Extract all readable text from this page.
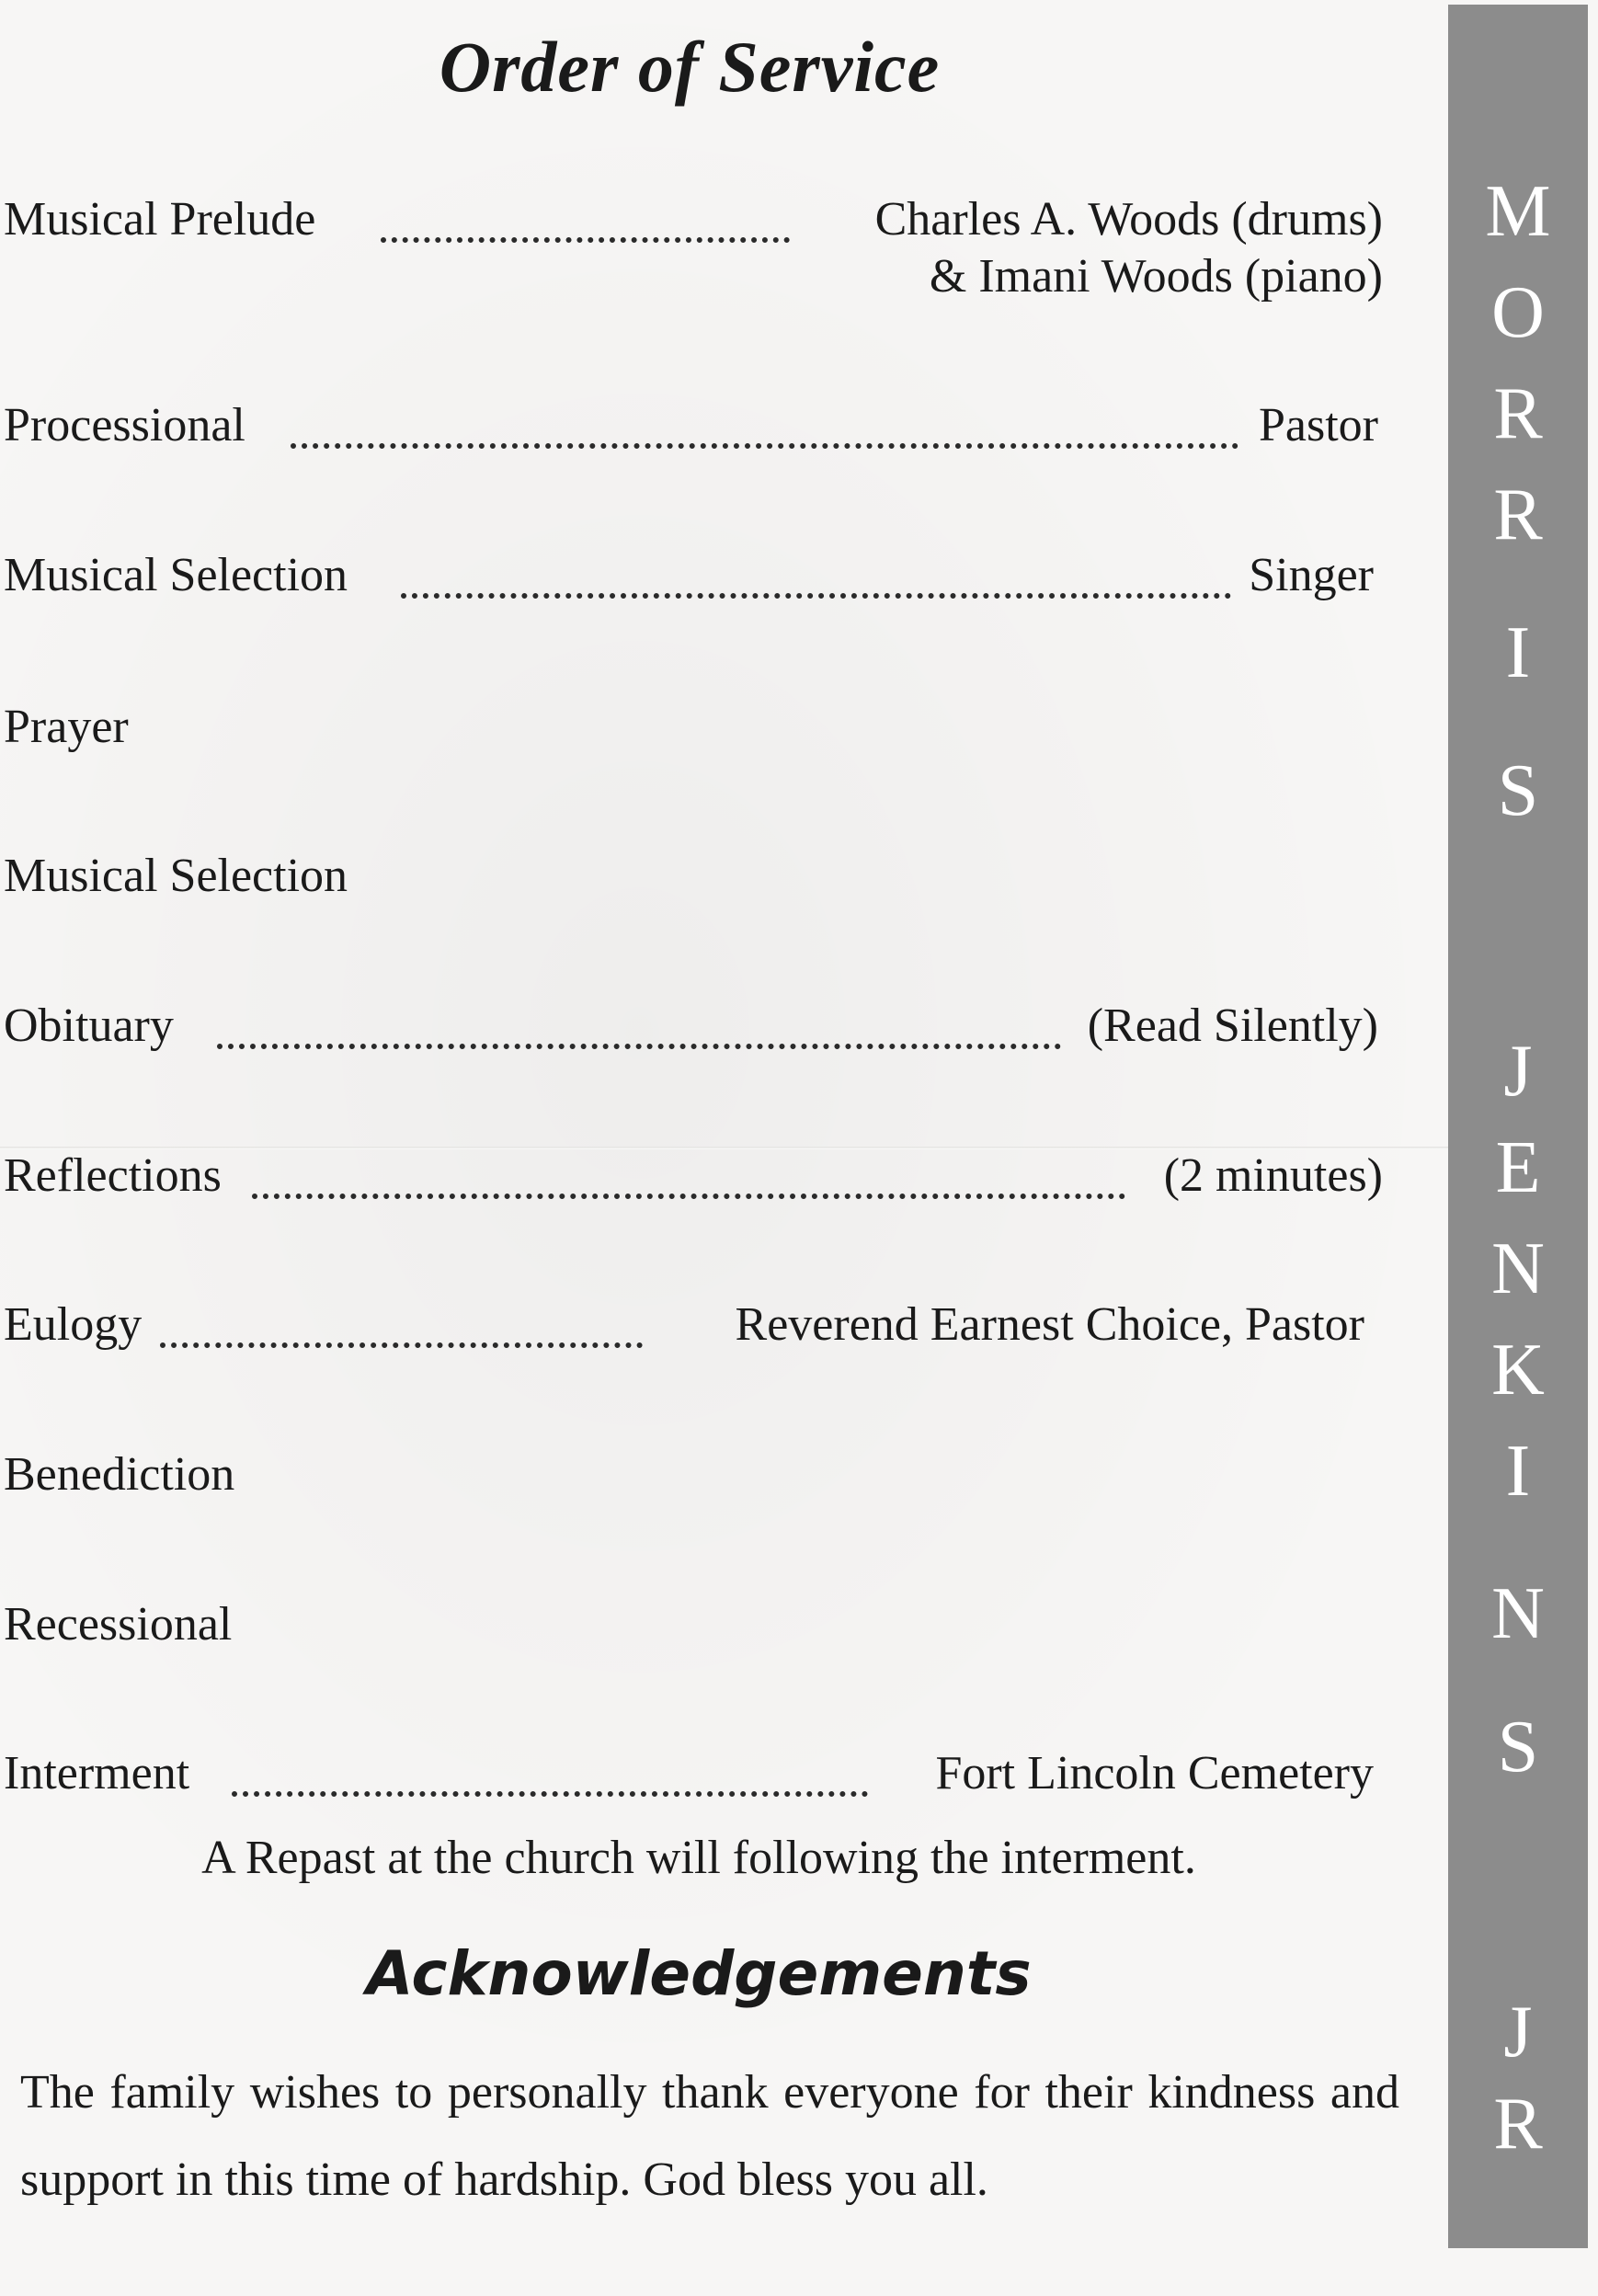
Order of Service
Musical Prelude	Charles A. Woods (drums)
& Imani Woods (piano)
Processional	Pastor
Musical Selection	Singer
Prayer
Musical Selection
Obituary	(Read Silently)
Reflections	(2 minutes)
Eulogy	Reverend Earnest Choice, Pastor
Benediction
Recessional
Interment	Fort Lincoln Cemetery
A Repast at the church will following the interment.
Acknowledgements

The family wishes to personally thank everyone for their kindness and support in this time of hardship. God bless you all.

M
O
R
R
I
S
J
E
N
K
I
N
S
J
R
